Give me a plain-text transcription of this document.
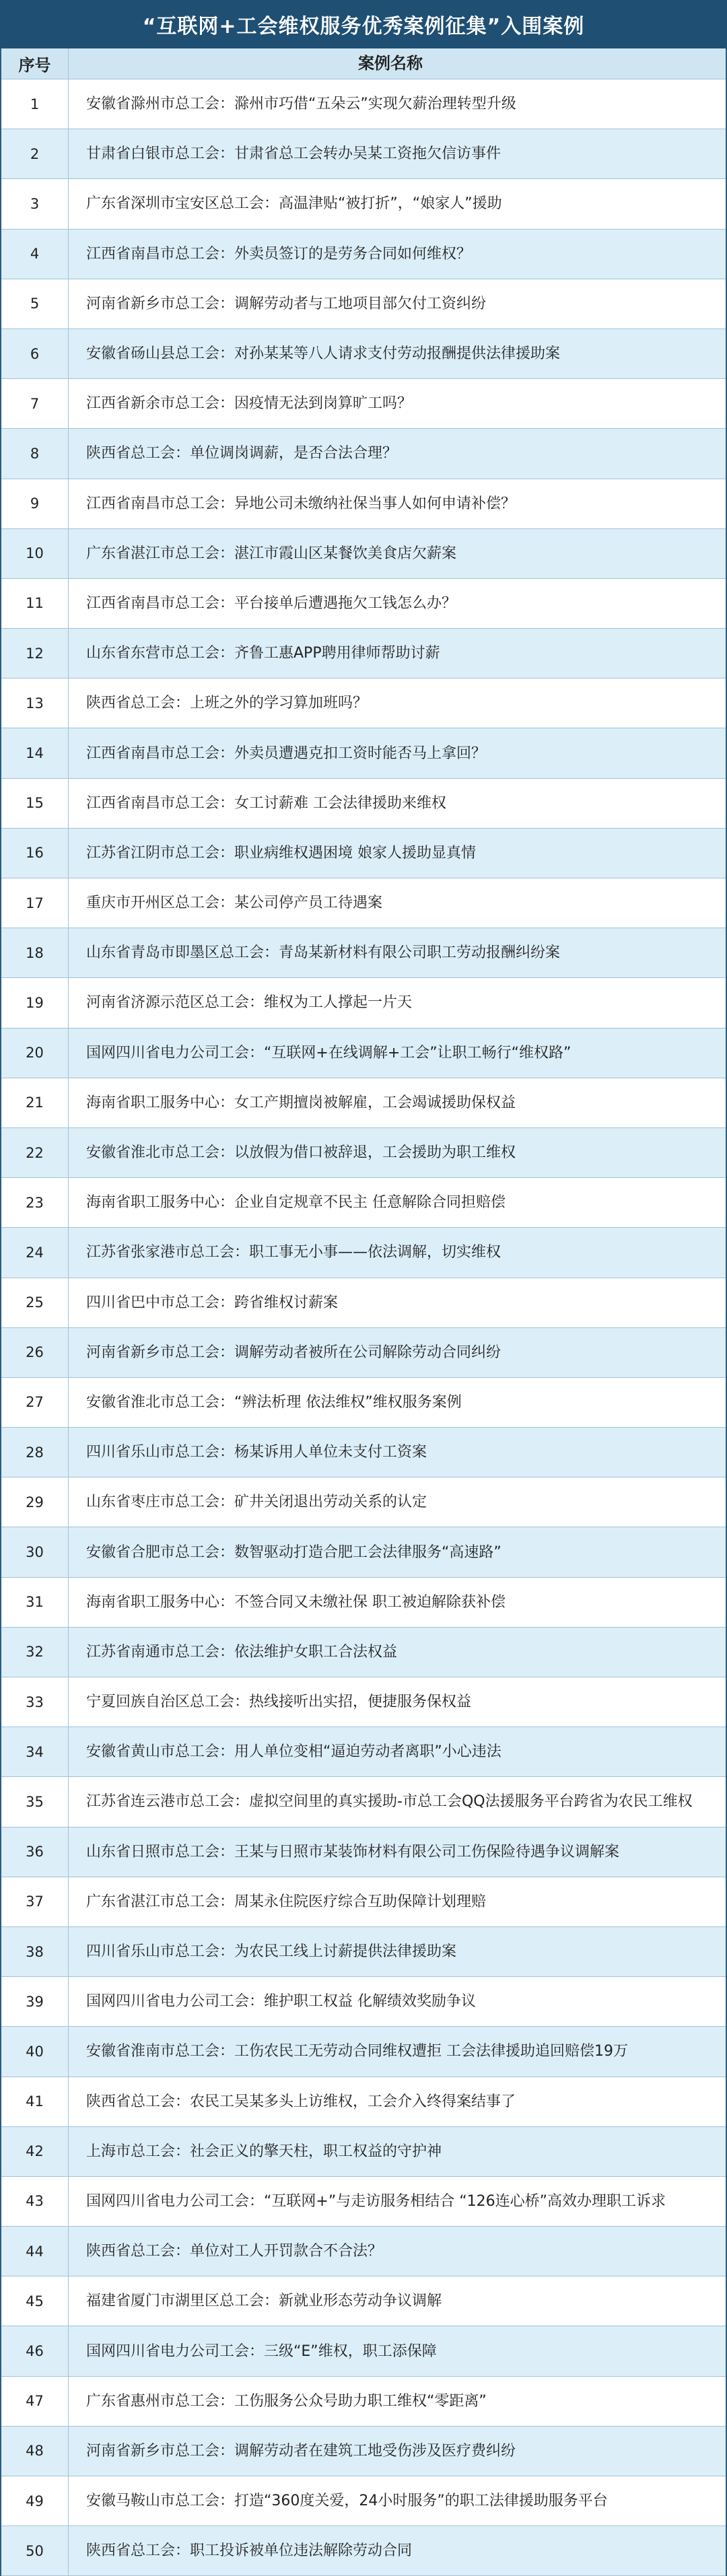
“互联网+工会维权服务优秀案例征集”入围案例
序号	案例名称
1	安徽省滁州市总工会：滁州市巧借“五朵云”实现欠薪治理转型升级
2	甘肃省白银市总工会：甘肃省总工会转办吴某工资拖欠信访事件
3	广东省深圳市宝安区总工会：高温津贴“被打折”，“娘家人”援助
4	江西省南昌市总工会：外卖员签订的是劳务合同如何维权？
5	河南省新乡市总工会：调解劳动者与工地项目部欠付工资纠纷
6	安徽省砀山县总工会：对孙某某等八人请求支付劳动报酬提供法律援助案
7	江西省新余市总工会：因疫情无法到岗算旷工吗？
8	陕西省总工会：单位调岗调薪，是否合法合理？
9	江西省南昌市总工会：异地公司未缴纳社保当事人如何申请补偿？
10	广东省湛江市总工会：湛江市霞山区某餐饮美食店欠薪案
11	江西省南昌市总工会：平台接单后遭遇拖欠工钱怎么办？
12	山东省东营市总工会：齐鲁工惠APP聘用律师帮助讨薪
13	陕西省总工会：上班之外的学习算加班吗？
14	江西省南昌市总工会：外卖员遭遇克扣工资时能否马上拿回？
15	江西省南昌市总工会：女工讨薪难 工会法律援助来维权
16	江苏省江阴市总工会：职业病维权遇困境 娘家人援助显真情
17	重庆市开州区总工会：某公司停产员工待遇案
18	山东省青岛市即墨区总工会：青岛某新材料有限公司职工劳动报酬纠纷案
19	河南省济源示范区总工会：维权为工人撑起一片天
20	国网四川省电力公司工会：“互联网+在线调解+工会”让职工畅行“维权路”
21	海南省职工服务中心：女工产期擅岗被解雇，工会竭诚援助保权益
22	安徽省淮北市总工会：以放假为借口被辞退，工会援助为职工维权
23	海南省职工服务中心：企业自定规章不民主 任意解除合同担赔偿
24	江苏省张家港市总工会：职工事无小事——依法调解，切实维权
25	四川省巴中市总工会：跨省维权讨薪案
26	河南省新乡市总工会：调解劳动者被所在公司解除劳动合同纠纷
27	安徽省淮北市总工会：“辨法析理 依法维权”维权服务案例
28	四川省乐山市总工会：杨某诉用人单位未支付工资案
29	山东省枣庄市总工会：矿井关闭退出劳动关系的认定
30	安徽省合肥市总工会：数智驱动打造合肥工会法律服务“高速路”
31	海南省职工服务中心：不签合同又未缴社保 职工被迫解除获补偿
32	江苏省南通市总工会：依法维护女职工合法权益
33	宁夏回族自治区总工会：热线接听出实招，便捷服务保权益
34	安徽省黄山市总工会：用人单位变相“逼迫劳动者离职”小心违法
35	江苏省连云港市总工会：虚拟空间里的真实援助-市总工会QQ法援服务平台跨省为农民工维权
36	山东省日照市总工会：王某与日照市某装饰材料有限公司工伤保险待遇争议调解案
37	广东省湛江市总工会：周某永住院医疗综合互助保障计划理赔
38	四川省乐山市总工会：为农民工线上讨薪提供法律援助案
39	国网四川省电力公司工会：维护职工权益 化解绩效奖励争议
40	安徽省淮南市总工会：工伤农民工无劳动合同维权遭拒 工会法律援助追回赔偿19万
41	陕西省总工会：农民工吴某多头上访维权，工会介入终得案结事了
42	上海市总工会：社会正义的擎天柱，职工权益的守护神
43	国网四川省电力公司工会：“互联网+”与走访服务相结合 “126连心桥”高效办理职工诉求
44	陕西省总工会：单位对工人开罚款合不合法？
45	福建省厦门市湖里区总工会：新就业形态劳动争议调解
46	国网四川省电力公司工会：三级“E”维权，职工添保障
47	广东省惠州市总工会：工伤服务公众号助力职工维权“零距离”
48	河南省新乡市总工会：调解劳动者在建筑工地受伤涉及医疗费纠纷
49	安徽马鞍山市总工会：打造“360度关爱，24小时服务”的职工法律援助服务平台
50	陕西省总工会：职工投诉被单位违法解除劳动合同
